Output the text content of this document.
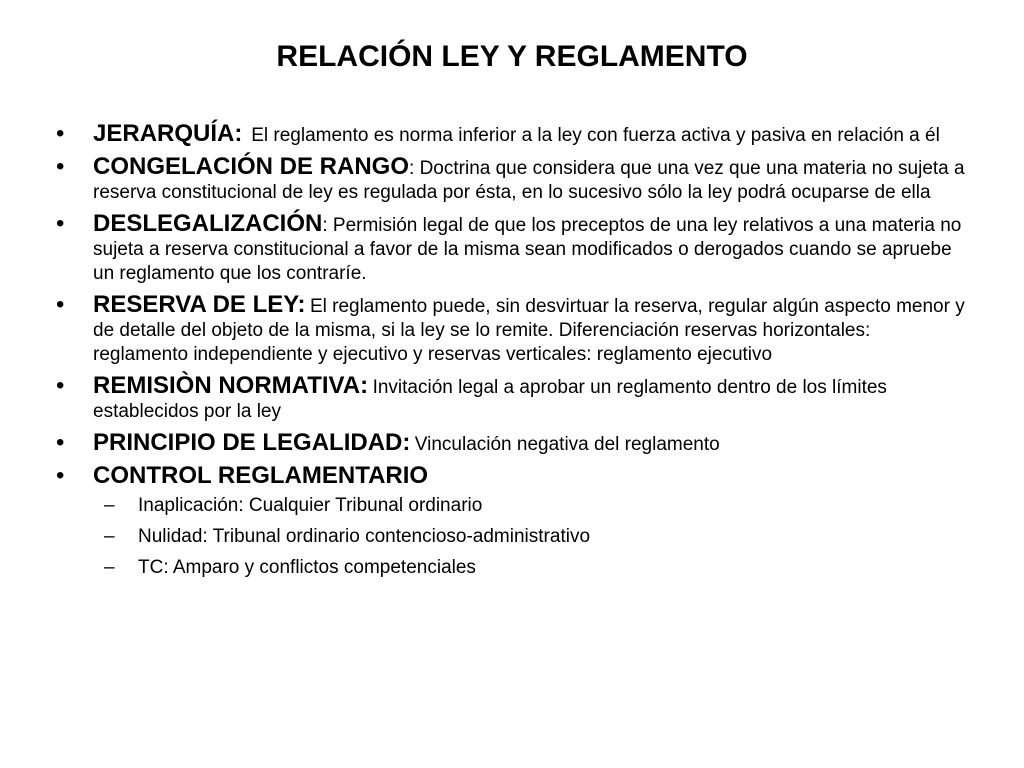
RELACIÓN LEY Y REGLAMENTO
• JERARQUÍA: El reglamento es norma inferior a la ley con fuerza activa y pasiva en relación a él
• CONGELACIÓN DE RANGO: Doctrina que considera que una vez que una materia no sujeta a reserva constitucional de ley es regulada por ésta, en lo sucesivo sólo la ley podrá ocuparse de ella
• DESLEGALIZACIÓN: Permisión legal de que los preceptos de una ley relativos a una materia no sujeta a reserva constitucional a favor de la misma sean modificados o derogados cuando se apruebe un reglamento que los contraríe.
• RESERVA DE LEY: El reglamento puede, sin desvirtuar la reserva, regular algún aspecto menor y de detalle del objeto de la misma, si la ley se lo remite. Diferenciación reservas horizontales: reglamento independiente y ejecutivo y reservas verticales: reglamento ejecutivo
• REMISIÒN NORMATIVA: Invitación legal a aprobar un reglamento dentro de los límites establecidos por la ley
• PRINCIPIO DE LEGALIDAD: Vinculación negativa del reglamento
• CONTROL REGLAMENTARIO
– Inaplicación: Cualquier Tribunal ordinario
– Nulidad: Tribunal ordinario contencioso-administrativo
– TC: Amparo y conflictos competenciales
